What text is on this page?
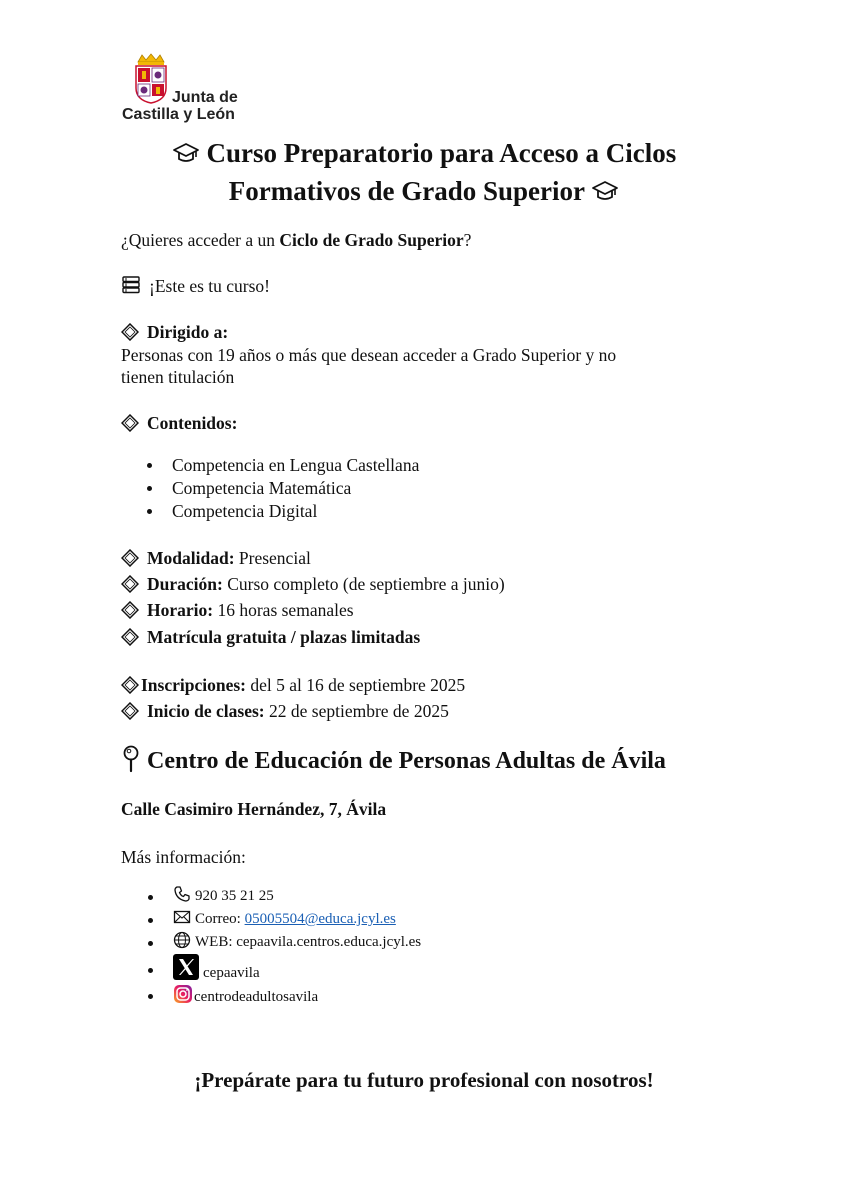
Junta de
Castilla y León
Curso Preparatorio para Acceso a Ciclos
Formativos de Grado Superior
¿Quieres acceder a un Ciclo de Grado Superior?
¡Este es tu curso!
Dirigido a:
Personas con 19 años o más que desean acceder a Grado Superior y no
tienen titulación
Contenidos:
Competencia en Lengua Castellana
Competencia Matemática
Competencia Digital
Modalidad: Presencial
Duración: Curso completo (de septiembre a junio)
Horario: 16 horas semanales
Matrícula gratuita / plazas limitadas
Inscripciones: del 5 al 16 de septiembre 2025
Inicio de clases: 22 de septiembre de 2025
Centro de Educación de Personas Adultas de Ávila
Calle Casimiro Hernández, 7, Ávila
Más información:
920 35 21 25
Correo: 05005504@educa.jcyl.es
WEB: cepaavila.centros.educa.jcyl.es
cepaavila
centrodeadultosavila
¡Prepárate para tu futuro profesional con nosotros!
